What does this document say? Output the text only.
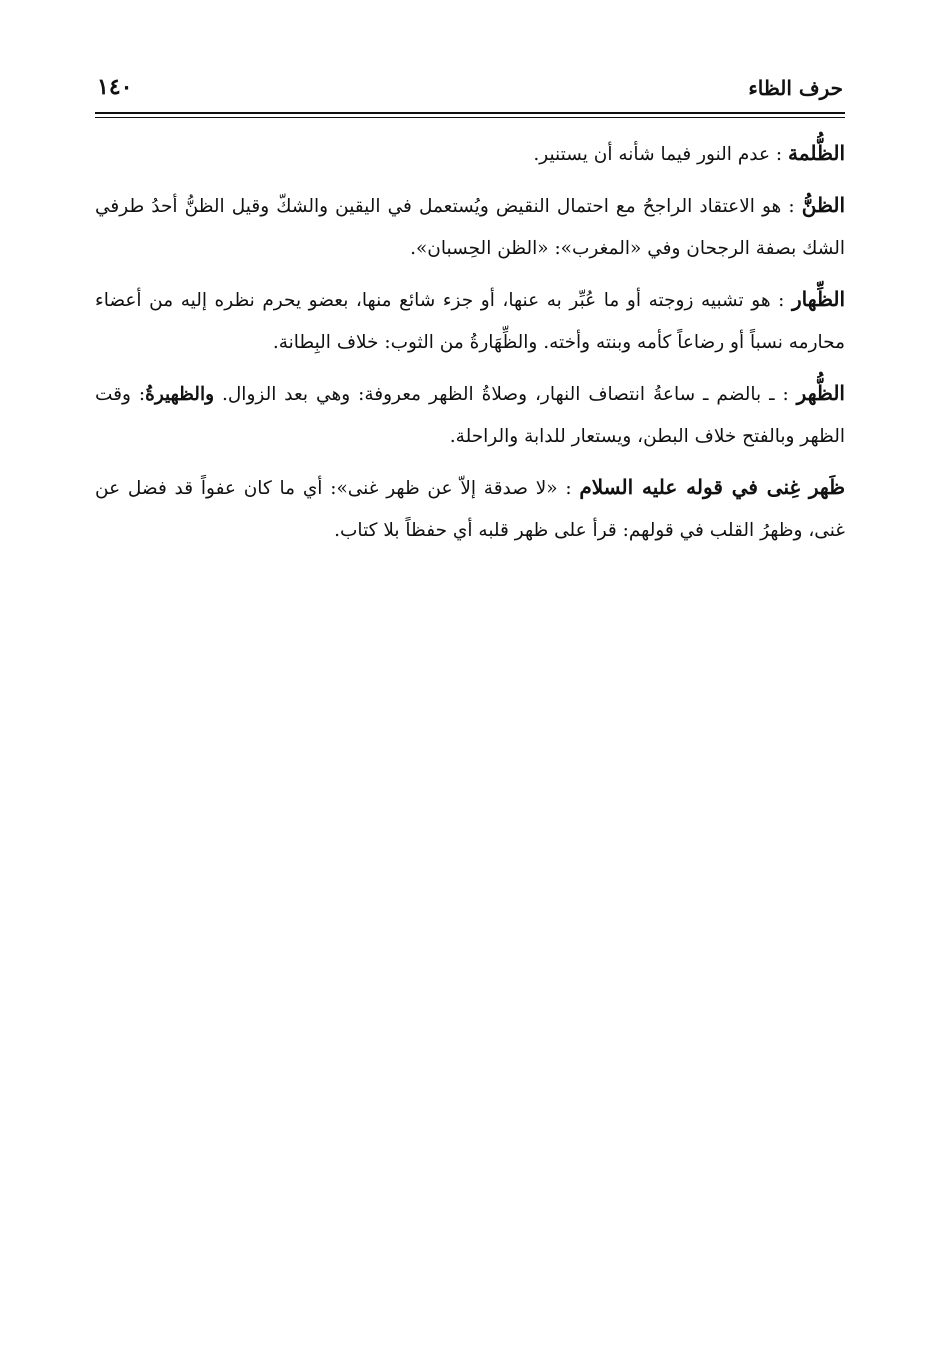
حرف الظاء
١٤٠

الظُّلمة : عدم النور فيما شأنه أن يستنير.

الظنُّ : هو الاعتقاد الراجحُ مع احتمال النقيض ويُستعمل في اليقين والشكّ وقيل الظنُّ أحدُ طرفي الشك بصفة الرجحان وفي «المغرب»: «الظن الحِسبان».

الظِّهار : هو تشبيه زوجته أو ما عُبِّر به عنها، أو جزء شائع منها، بعضو يحرم نظره إليه من أعضاء محارمه نسباً أو رضاعاً كأمه وبنته وأخته. والظِّهَارةُ من الثوب: خلاف البِطانة.

الظُّهر : ـ بالضم ـ ساعةُ انتصاف النهار، وصلاةُ الظهر معروفة: وهي بعد الزوال. والظهيرةُ: وقت الظهر وبالفتح خلاف البطن، ويستعار للدابة والراحلة.

ظَهر غِنى في قوله عليه السلام : «لا صدقة إلاّ عن ظهر غنى»: أي ما كان عفواً قد فضل عن غنى، وظهرُ القلب في قولهم: قرأ على ظهر قلبه أي حفظاً بلا كتاب.
